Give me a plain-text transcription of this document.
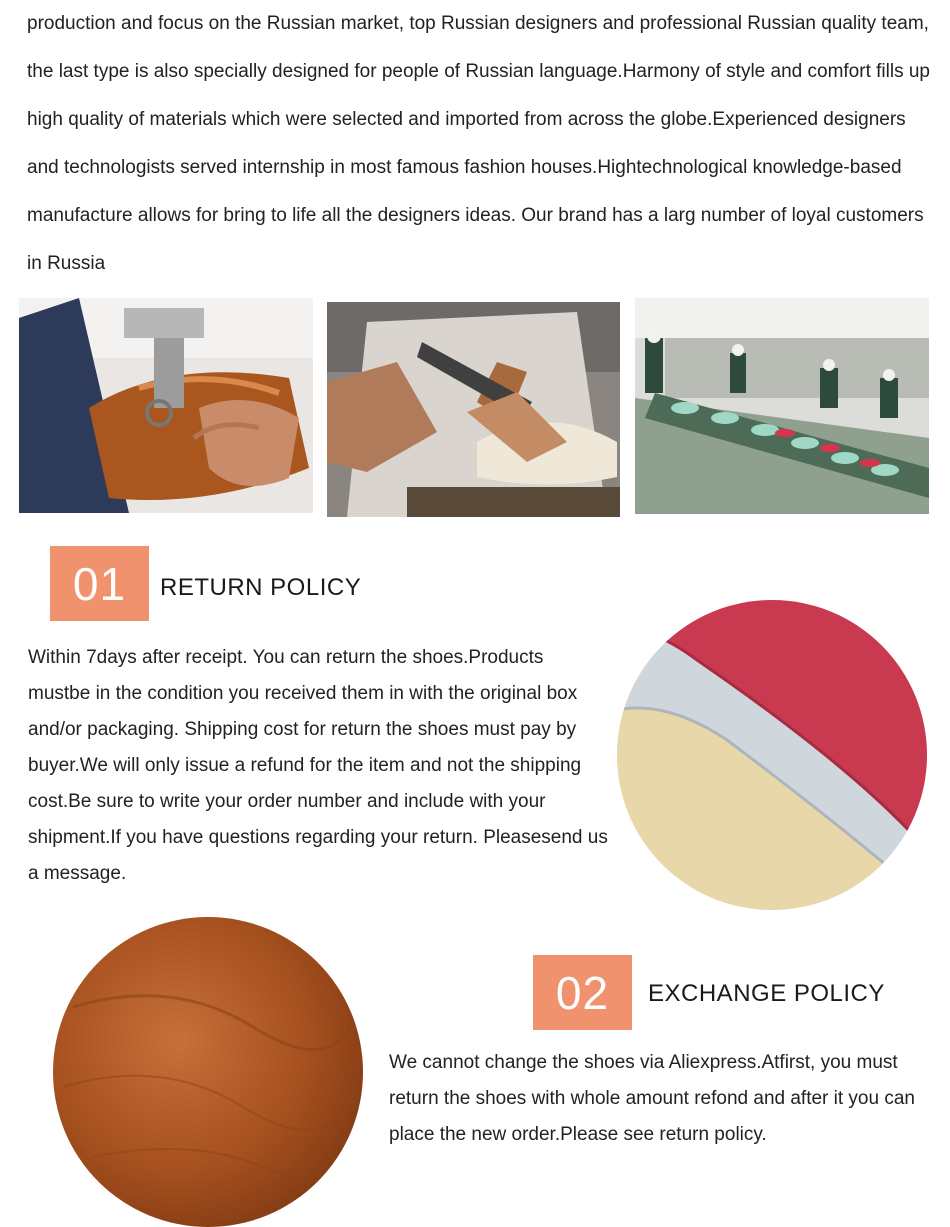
production and focus on the Russian market, top Russian designers and professional Russian quality team, the last type is also specially designed for people of Russian language.Harmony of style and comfort fills up high quality of materials which were selected and imported from across the globe.Experienced designers and technologists served internship in most famous fashion houses.Hightechnological knowledge-based manufacture allows for bring to life all the designers ideas. Our brand has a larg number of loyal customers in Russia

01	RETURN POLICY

Within 7days after receipt. You can return the shoes.Products mustbe in the condition you received them in with the original box and/or packaging. Shipping cost for return the shoes must pay by buyer.We will only issue a refund for the item and not the shipping cost.Be sure to write your order number and include with your shipment.If you have questions regarding your return. Pleasesend us a message.

02	EXCHANGE POLICY

We cannot change the shoes via Aliexpress.Atfirst, you must return the shoes with whole amount refond and after it you can place the new order.Please see return policy.
